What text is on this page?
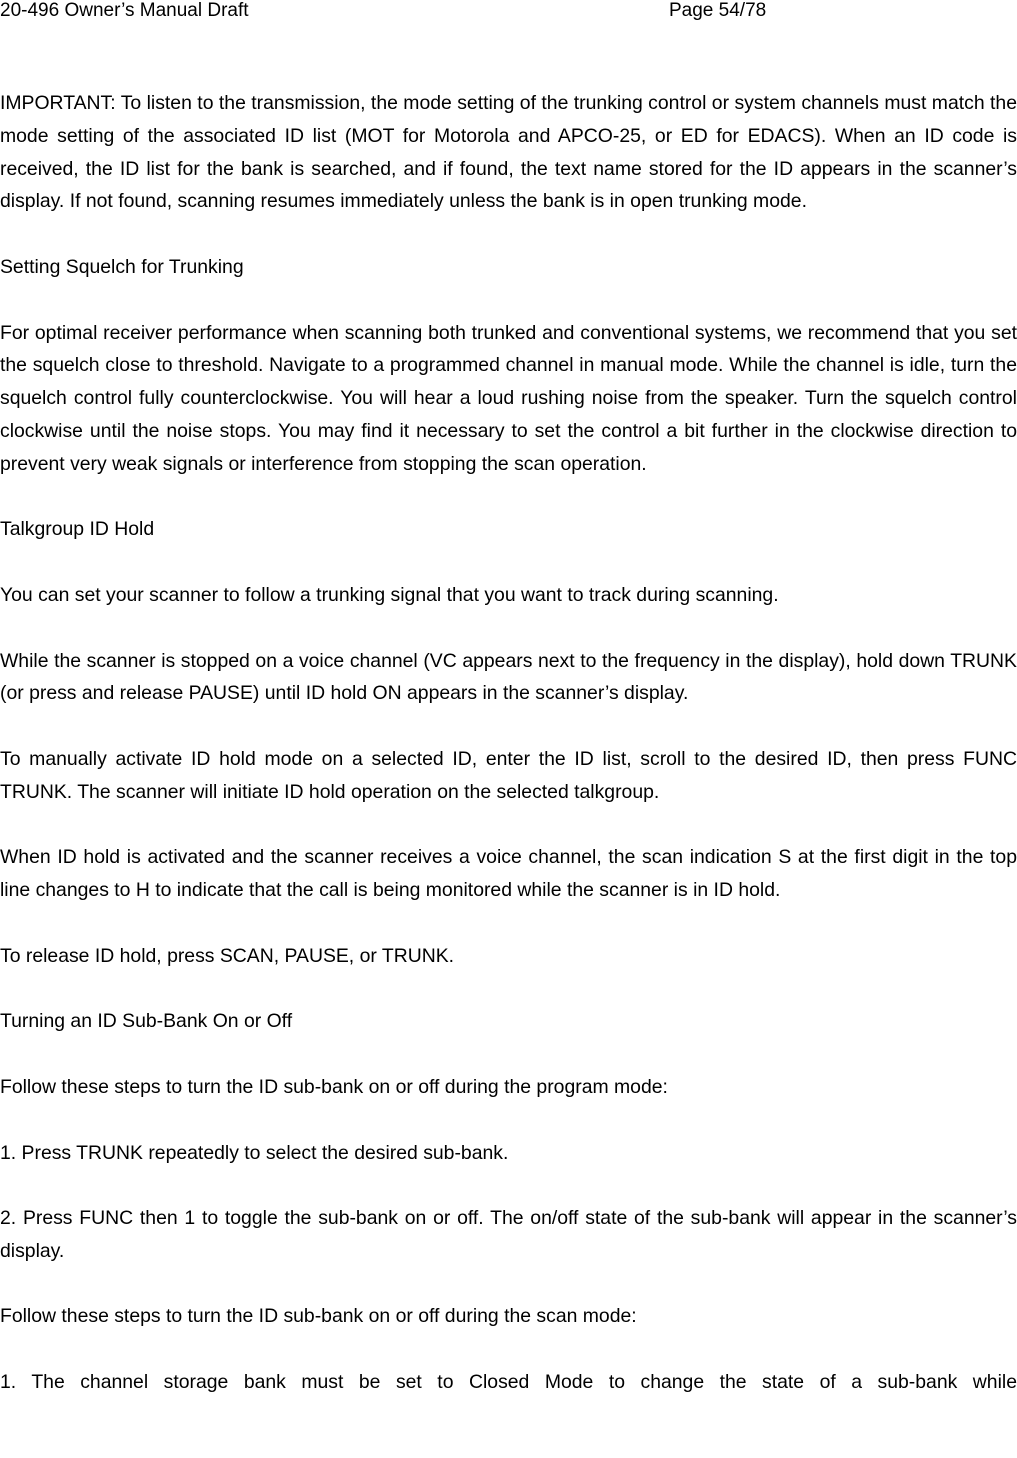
20-496 Owner’s Manual Draft	Page 54/78

IMPORTANT: To listen to the transmission, the mode setting of the trunking control or system channels must match the mode setting of the associated ID list (MOT for Motorola and APCO-25, or ED for EDACS). When an ID code is received, the ID list for the bank is searched, and if found, the text name stored for the ID appears in the scanner’s display. If not found, scanning resumes immediately unless the bank is in open trunking mode.

Setting Squelch for Trunking

For optimal receiver performance when scanning both trunked and conventional systems, we recommend that you set the squelch close to threshold. Navigate to a programmed channel in manual mode. While the channel is idle, turn the squelch control fully counterclockwise. You will hear a loud rushing noise from the speaker. Turn the squelch control clockwise until the noise stops. You may find it necessary to set the control a bit further in the clockwise direction to prevent very weak signals or interference from stopping the scan operation.

Talkgroup ID Hold

You can set your scanner to follow a trunking signal that you want to track during scanning.

While the scanner is stopped on a voice channel (VC appears next to the frequency in the display), hold down TRUNK (or press and release PAUSE) until ID hold ON appears in the scanner’s display.

To manually activate ID hold mode on a selected ID, enter the ID list, scroll to the desired ID, then press FUNC TRUNK. The scanner will initiate ID hold operation on the selected talkgroup.

When ID hold is activated and the scanner receives a voice channel, the scan indication S at the first digit in the top line changes to H to indicate that the call is being monitored while the scanner is in ID hold.

To release ID hold, press SCAN, PAUSE, or TRUNK.

Turning an ID Sub-Bank On or Off

Follow these steps to turn the ID sub-bank on or off during the program mode:

1. Press TRUNK repeatedly to select the desired sub-bank.

2. Press FUNC then 1 to toggle the sub-bank on or off. The on/off state of the sub-bank will appear in the scanner’s display.

Follow these steps to turn the ID sub-bank on or off during the scan mode:

1. The channel storage bank must be set to Closed Mode to change the state of a sub-bank while
